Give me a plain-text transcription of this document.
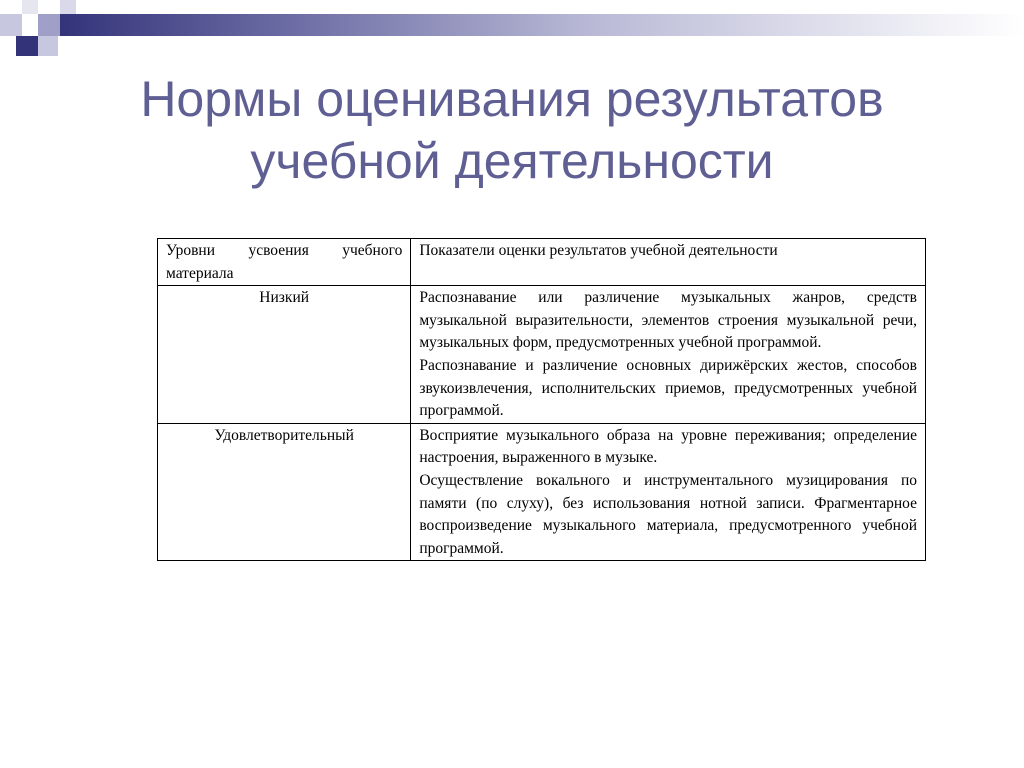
Нормы оценивания результатов
учебной деятельности

Уровни усвоения учебного материала	Показатели оценки результатов учебной деятельности

Низкий	Распознавание или различение музыкальных жанров, средств музыкальной выразительности, элементов строения музыкальной речи, музыкальных форм, предусмотренных учебной программой.

Распознавание и различение основных дирижёрских жестов, способов звукоизвлечения, исполнительских приемов, предусмотренных учебной программой.

Удовлетворительный	Восприятие музыкального образа на уровне переживания; определение настроения, выраженного в музыке.

Осуществление вокального и инструментального музицирования по памяти (по слуху), без использования нотной записи. Фрагментарное воспроизведение музыкального материала, предусмотренного учебной программой.
